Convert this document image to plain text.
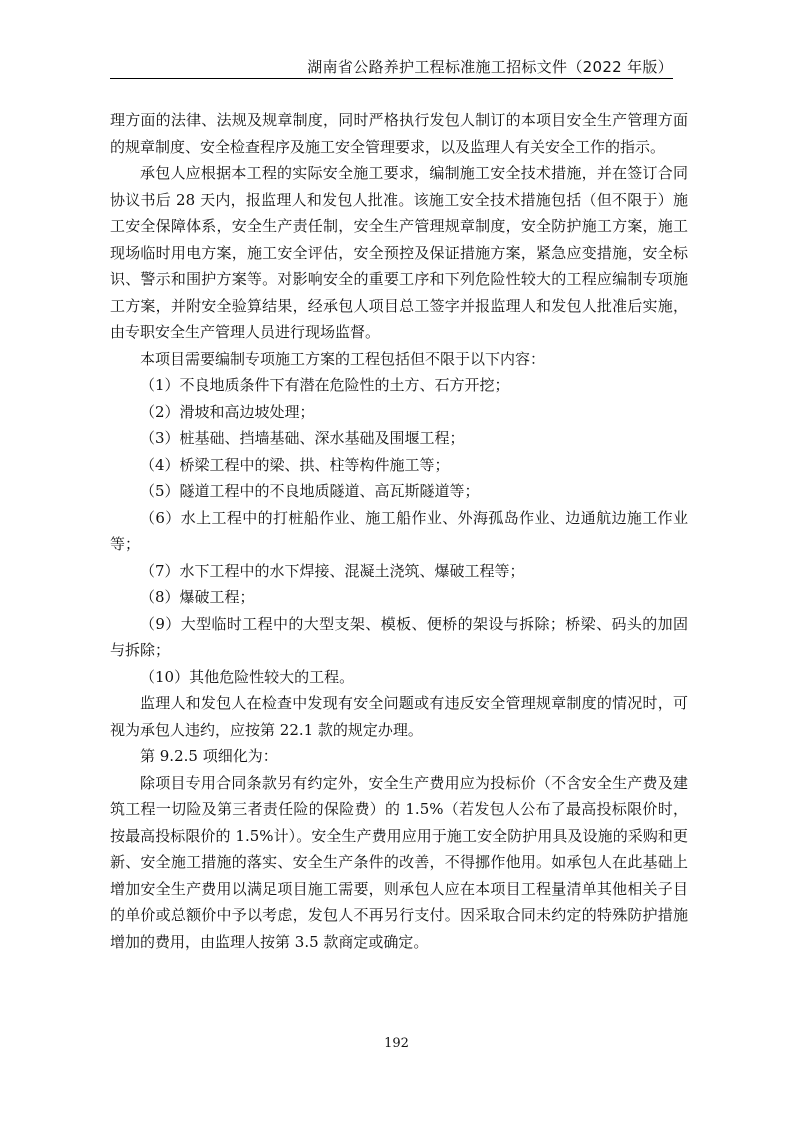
湖南省公路养护工程标准施工招标文件（2022 年版）

理方面的法律、法规及规章制度，同时严格执行发包人制订的本项目安全生产管理方面的规章制度、安全检查程序及施工安全管理要求，以及监理人有关安全工作的指示。

承包人应根据本工程的实际安全施工要求，编制施工安全技术措施，并在签订合同协议书后 28 天内，报监理人和发包人批准。该施工安全技术措施包括（但不限于）施工安全保障体系，安全生产责任制，安全生产管理规章制度，安全防护施工方案，施工现场临时用电方案，施工安全评估，安全预控及保证措施方案，紧急应变措施，安全标识、警示和围护方案等。对影响安全的重要工序和下列危险性较大的工程应编制专项施工方案，并附安全验算结果，经承包人项目总工签字并报监理人和发包人批准后实施，由专职安全生产管理人员进行现场监督。

本项目需要编制专项施工方案的工程包括但不限于以下内容：

（1）不良地质条件下有潜在危险性的土方、石方开挖；

（2）滑坡和高边坡处理；

（3）桩基础、挡墙基础、深水基础及围堰工程；

（4）桥梁工程中的梁、拱、柱等构件施工等；

（5）隧道工程中的不良地质隧道、高瓦斯隧道等；

（6）水上工程中的打桩船作业、施工船作业、外海孤岛作业、边通航边施工作业等；

（7）水下工程中的水下焊接、混凝土浇筑、爆破工程等；

（8）爆破工程；

（9）大型临时工程中的大型支架、模板、便桥的架设与拆除；桥梁、码头的加固与拆除；

（10）其他危险性较大的工程。

监理人和发包人在检查中发现有安全问题或有违反安全管理规章制度的情况时，可视为承包人违约，应按第 22.1 款的规定办理。

第 9.2.5 项细化为：

除项目专用合同条款另有约定外，安全生产费用应为投标价（不含安全生产费及建筑工程一切险及第三者责任险的保险费）的 1.5%（若发包人公布了最高投标限价时，按最高投标限价的 1.5%计）。安全生产费用应用于施工安全防护用具及设施的采购和更新、安全施工措施的落实、安全生产条件的改善，不得挪作他用。如承包人在此基础上增加安全生产费用以满足项目施工需要，则承包人应在本项目工程量清单其他相关子目的单价或总额价中予以考虑，发包人不再另行支付。因采取合同未约定的特殊防护措施增加的费用，由监理人按第 3.5 款商定或确定。

192
